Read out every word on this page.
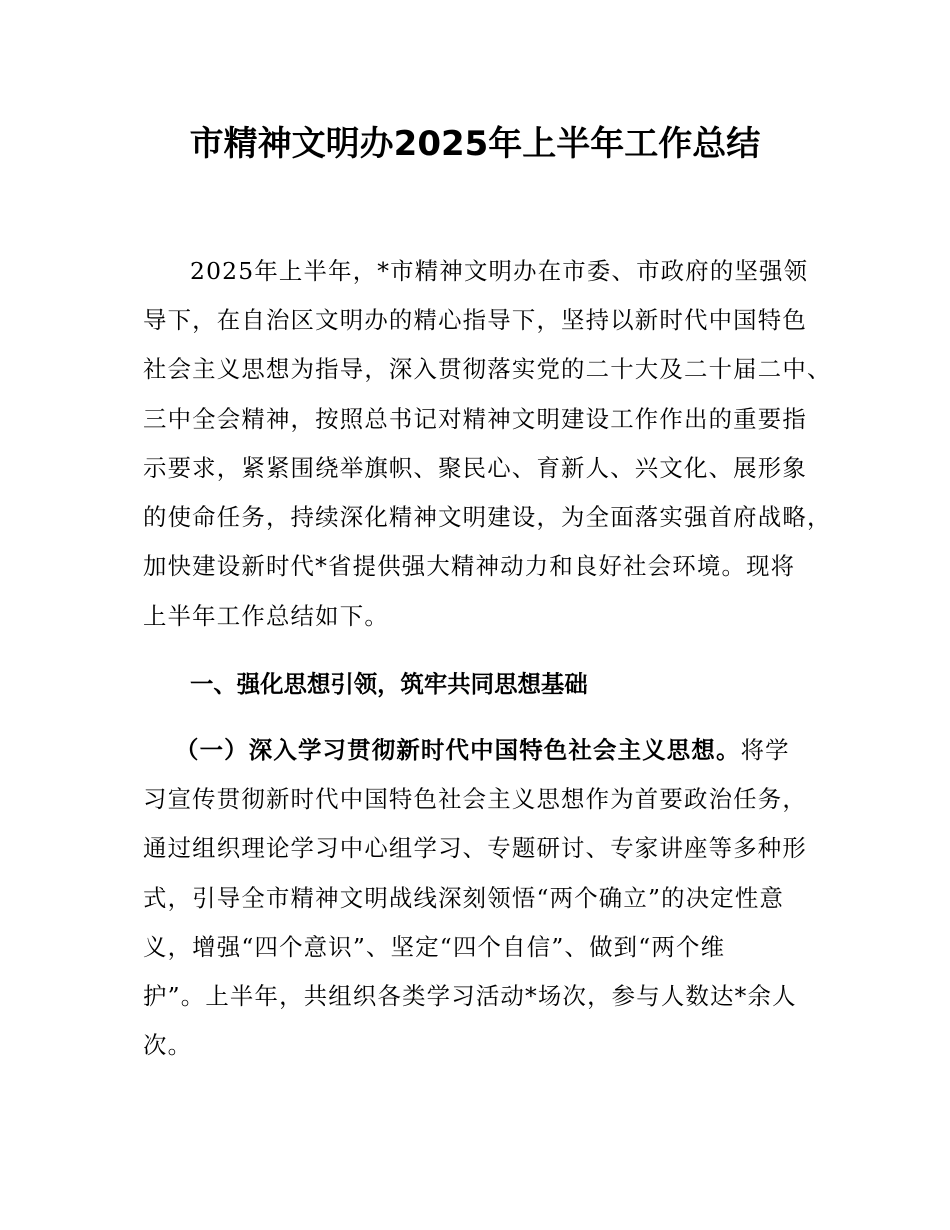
市精神文明办2025年上半年工作总结
2025年上半年，*市精神文明办在市委、市政府的坚强领
导下，在自治区文明办的精心指导下，坚持以新时代中国特色
社会主义思想为指导，深入贯彻落实党的二十大及二十届二中、
三中全会精神，按照总书记对精神文明建设工作作出的重要指
示要求，紧紧围绕举旗帜、聚民心、育新人、兴文化、展形象
的使命任务，持续深化精神文明建设，为全面落实强首府战略，
加快建设新时代*省提供强大精神动力和良好社会环境。现将
上半年工作总结如下。
一、强化思想引领，筑牢共同思想基础
（一）深入学习贯彻新时代中国特色社会主义思想。将学
习宣传贯彻新时代中国特色社会主义思想作为首要政治任务，
通过组织理论学习中心组学习、专题研讨、专家讲座等多种形
式，引导全市精神文明战线深刻领悟“两个确立”的决定性意
义，增强“四个意识”、坚定“四个自信”、做到“两个维
护”。上半年，共组织各类学习活动*场次，参与人数达*余人
次。
